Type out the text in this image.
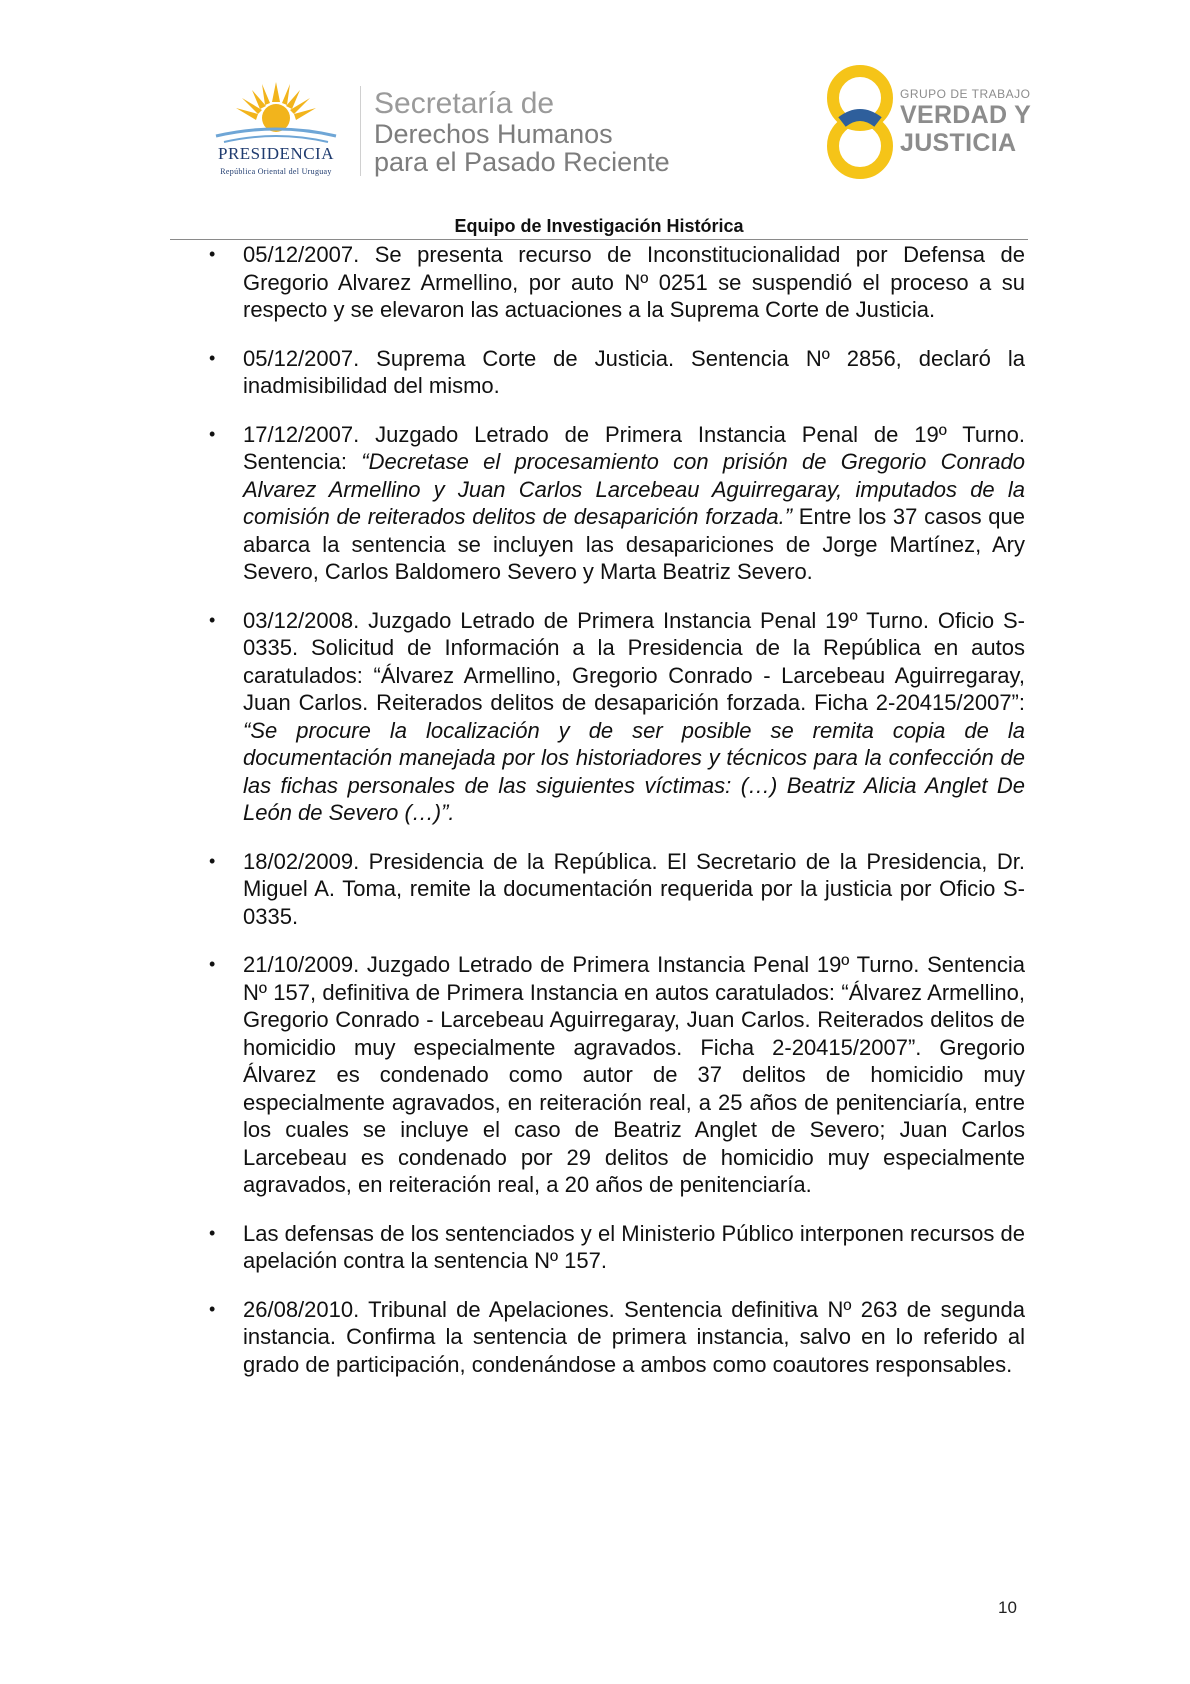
PRESIDENCIA
República Oriental del Uruguay
Secretaría de
Derechos Humanos
para el Pasado Reciente
GRUPO DE TRABAJO
VERDAD Y
JUSTICIA
Equipo de Investigación Histórica
• 05/12/2007. Se presenta recurso de Inconstitucionalidad por Defensa de Gregorio Alvarez Armellino, por auto Nº 0251 se suspendió el proceso a su respecto y se elevaron las actuaciones a la Suprema Corte de Justicia.
• 05/12/2007. Suprema Corte de Justicia. Sentencia Nº 2856, declaró la inadmisibilidad del mismo.
• 17/12/2007. Juzgado Letrado de Primera Instancia Penal de 19º Turno. Sentencia: “Decretase el procesamiento con prisión de Gregorio Conrado Alvarez Armellino y Juan Carlos Larcebeau Aguirregaray, imputados de la comisión de reiterados delitos de desaparición forzada.” Entre los 37 casos que abarca la sentencia se incluyen las desapariciones de Jorge Martínez, Ary Severo, Carlos Baldomero Severo y Marta Beatriz Severo.
• 03/12/2008. Juzgado Letrado de Primera Instancia Penal 19º Turno. Oficio S-0335. Solicitud de Información a la Presidencia de la República en autos caratulados: “Álvarez Armellino, Gregorio Conrado - Larcebeau Aguirregaray, Juan Carlos. Reiterados delitos de desaparición forzada. Ficha 2-20415/2007”: “Se procure la localización y de ser posible se remita copia de la documentación manejada por los historiadores y técnicos para la confección de las fichas personales de las siguientes víctimas: (…) Beatriz Alicia Anglet De León de Severo (…)”.
• 18/02/2009. Presidencia de la República. El Secretario de la Presidencia, Dr. Miguel A. Toma, remite la documentación requerida por la justicia por Oficio S-0335.
• 21/10/2009. Juzgado Letrado de Primera Instancia Penal 19º Turno. Sentencia Nº 157, definitiva de Primera Instancia en autos caratulados: “Álvarez Armellino, Gregorio Conrado - Larcebeau Aguirregaray, Juan Carlos. Reiterados delitos de homicidio muy especialmente agravados. Ficha 2-20415/2007”. Gregorio Álvarez es condenado como autor de 37 delitos de homicidio muy especialmente agravados, en reiteración real, a 25 años de penitenciaría, entre los cuales se incluye el caso de Beatriz Anglet de Severo; Juan Carlos Larcebeau es condenado por 29 delitos de homicidio muy especialmente agravados, en reiteración real, a 20 años de penitenciaría.
• Las defensas de los sentenciados y el Ministerio Público interponen recursos de apelación contra la sentencia Nº 157.
• 26/08/2010. Tribunal de Apelaciones. Sentencia definitiva Nº 263 de segunda instancia. Confirma la sentencia de primera instancia, salvo en lo referido al grado de participación, condenándose a ambos como coautores responsables.
10
